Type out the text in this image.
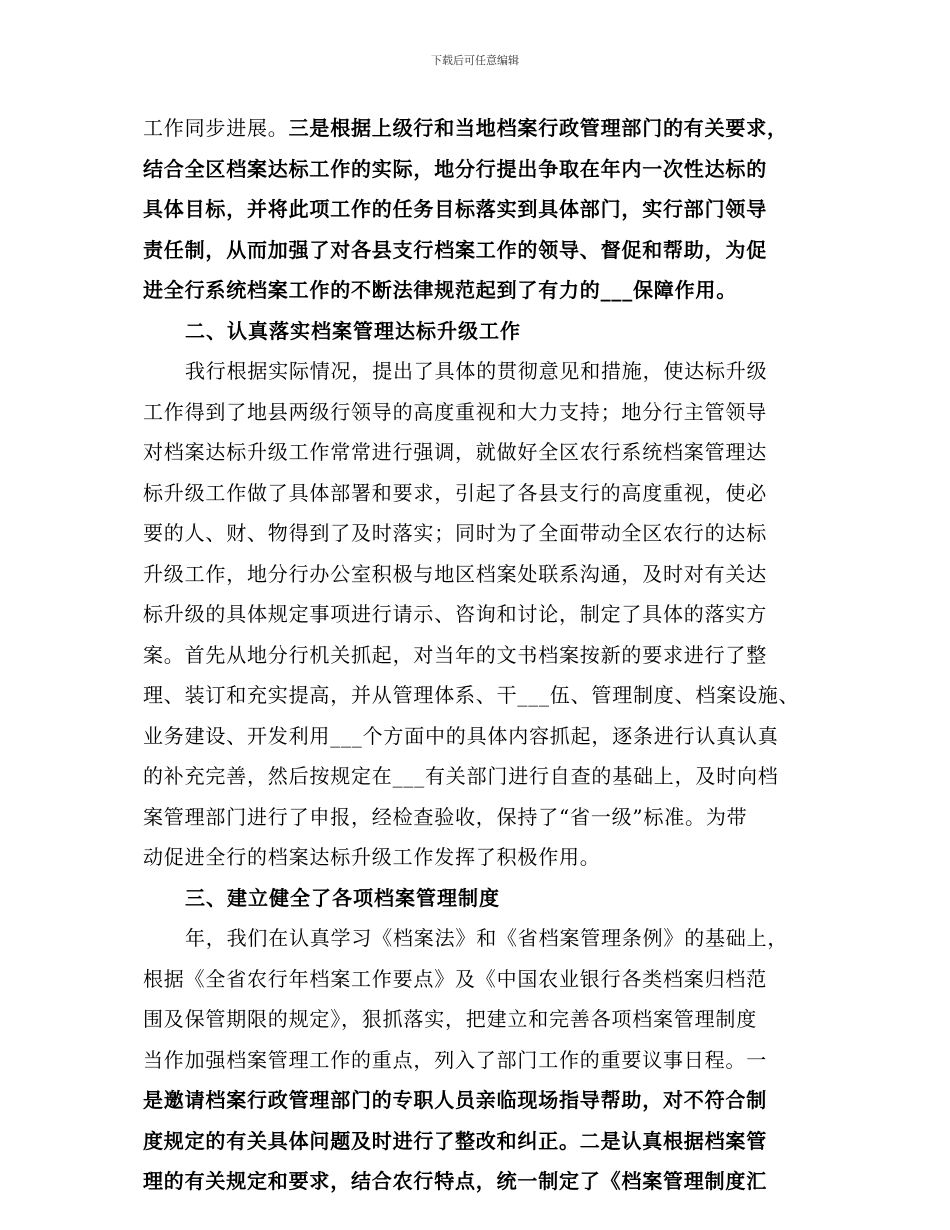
下载后可任意编辑
工作同步进展。三是根据上级行和当地档案行政管理部门的有关要求，
结合全区档案达标工作的实际，地分行提出争取在年内一次性达标的
具体目标，并将此项工作的任务目标落实到具体部门，实行部门领导
责任制，从而加强了对各县支行档案工作的领导、督促和帮助，为促
进全行系统档案工作的不断法律规范起到了有力的___保障作用。
二、认真落实档案管理达标升级工作
我行根据实际情况，提出了具体的贯彻意见和措施，使达标升级
工作得到了地县两级行领导的高度重视和大力支持；地分行主管领导
对档案达标升级工作常常进行强调，就做好全区农行系统档案管理达
标升级工作做了具体部署和要求，引起了各县支行的高度重视，使必
要的人、财、物得到了及时落实；同时为了全面带动全区农行的达标
升级工作，地分行办公室积极与地区档案处联系沟通，及时对有关达
标升级的具体规定事项进行请示、咨询和讨论，制定了具体的落实方
案。首先从地分行机关抓起，对当年的文书档案按新的要求进行了整
理、装订和充实提高，并从管理体系、干___伍、管理制度、档案设施、
业务建设、开发利用___个方面中的具体内容抓起，逐条进行认真认真
的补充完善，然后按规定在___有关部门进行自查的基础上，及时向档
案管理部门进行了申报，经检查验收，保持了“省一级”标准。为带
动促进全行的档案达标升级工作发挥了积极作用。
三、建立健全了各项档案管理制度
年，我们在认真学习《档案法》和《省档案管理条例》的基础上，
根据《全省农行年档案工作要点》及《中国农业银行各类档案归档范
围及保管期限的规定》，狠抓落实，把建立和完善各项档案管理制度
当作加强档案管理工作的重点，列入了部门工作的重要议事日程。一
是邀请档案行政管理部门的专职人员亲临现场指导帮助，对不符合制
度规定的有关具体问题及时进行了整改和纠正。二是认真根据档案管
理的有关规定和要求，结合农行特点，统一制定了《档案管理制度汇
